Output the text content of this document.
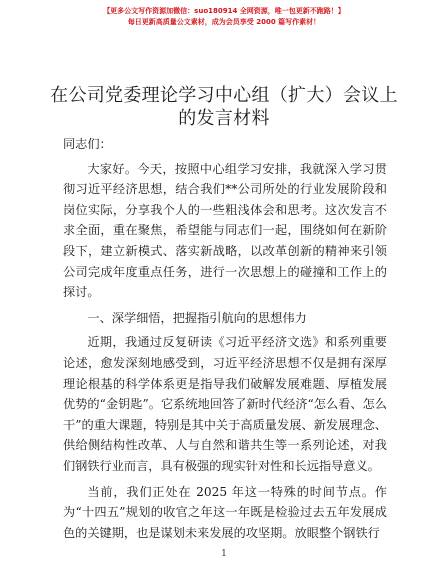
【更多公文写作资源加微信：suo180914 全网资源，唯一包更新不跑路！】
每日更新高质量公文素材，成为会员享受 2000 篇写作素材！
在公司党委理论学习中心组（扩大）会议上的发言材料

同志们：

大家好。今天，按照中心组学习安排，我就深入学习贯彻习近平经济思想，结合我们**公司所处的行业发展阶段和岗位实际，分享我个人的一些粗浅体会和思考。这次发言不求全面，重在聚焦，希望能与同志们一起，围绕如何在新阶段下，建立新模式、落实新战略，以改革创新的精神来引领公司完成年度重点任务，进行一次思想上的碰撞和工作上的探讨。

一、深学细悟，把握指引航向的思想伟力

近期，我通过反复研读《习近平经济文选》和系列重要论述，愈发深刻地感受到，习近平经济思想不仅是拥有深厚理论根基的科学体系更是指导我们破解发展难题、厚植发展优势的“金钥匙”。它系统地回答了新时代经济“怎么看、怎么干”的重大课题，特别是其中关于高质量发展、新发展理念、供给侧结构性改革、人与自然和谐共生等一系列论述，对我们钢铁行业而言，具有极强的现实针对性和长远指导意义。

当前，我们正处在 2025 年这一特殊的时间节点。作为“十四五”规划的收官之年这一年既是检验过去五年发展成色的关键期，也是谋划未来发展的攻坚期。放眼整个钢铁行

1
